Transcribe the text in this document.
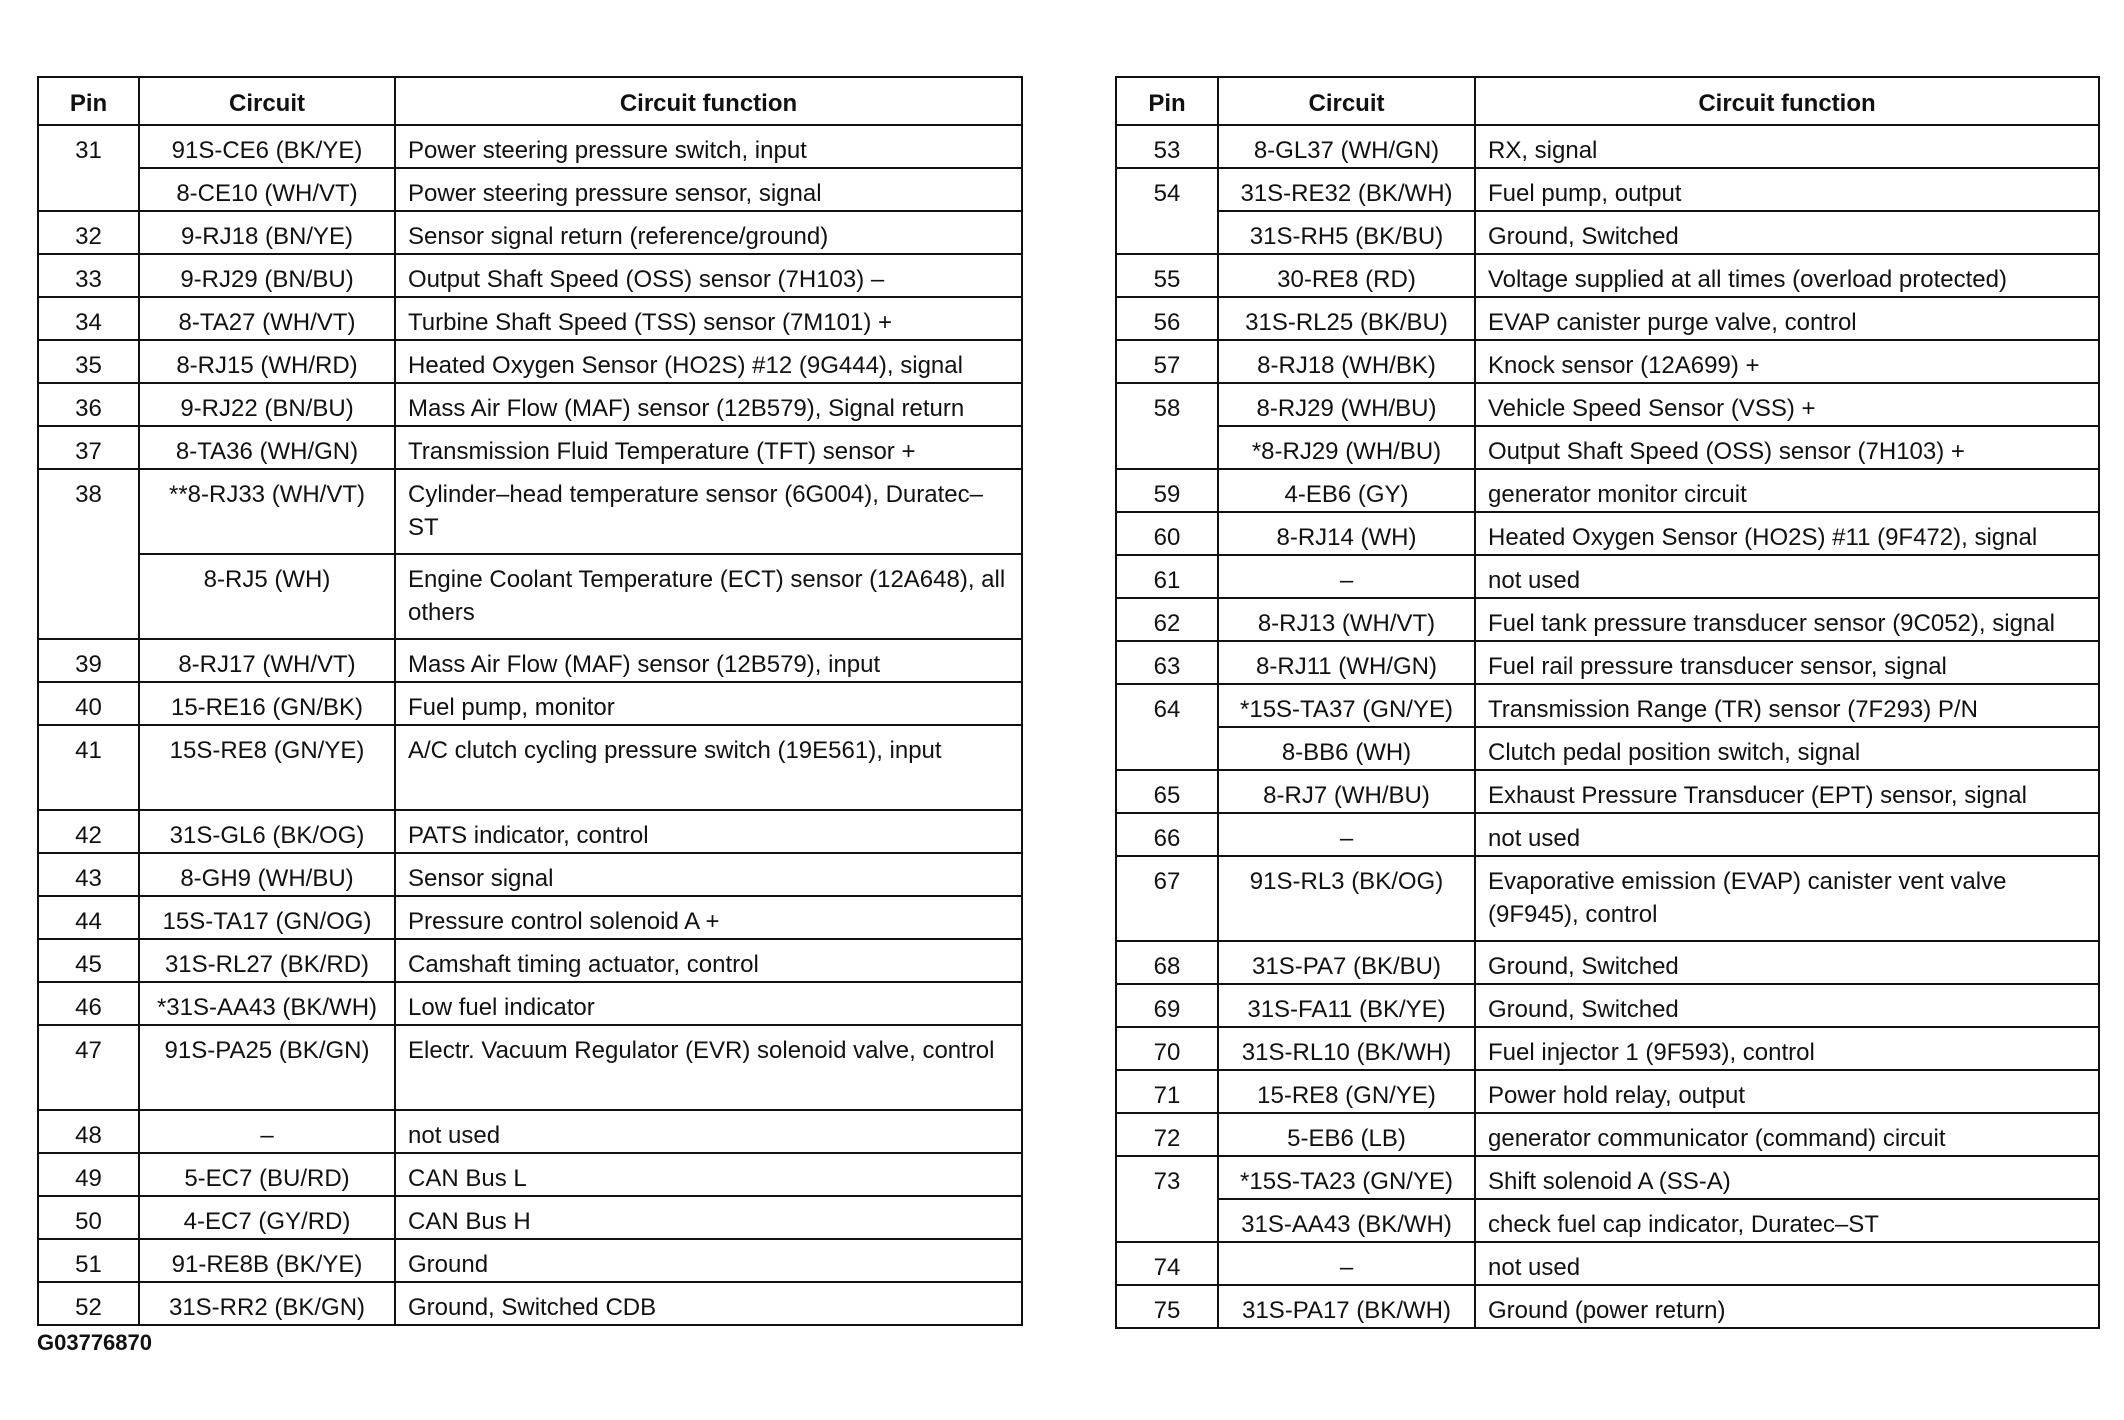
Pin	Circuit	Circuit function
31	91S-CE6 (BK/YE)	Power steering pressure switch, input
	8-CE10 (WH/VT)	Power steering pressure sensor, signal
32	9-RJ18 (BN/YE)	Sensor signal return (reference/ground)
33	9-RJ29 (BN/BU)	Output Shaft Speed (OSS) sensor (7H103) –
34	8-TA27 (WH/VT)	Turbine Shaft Speed (TSS) sensor (7M101) +
35	8-RJ15 (WH/RD)	Heated Oxygen Sensor (HO2S) #12 (9G444), signal
36	9-RJ22 (BN/BU)	Mass Air Flow (MAF) sensor (12B579), Signal return
37	8-TA36 (WH/GN)	Transmission Fluid Temperature (TFT) sensor +
38	**8-RJ33 (WH/VT)	Cylinder–head temperature sensor (6G004), Duratec–ST
	8-RJ5 (WH)	Engine Coolant Temperature (ECT) sensor (12A648), all others
39	8-RJ17 (WH/VT)	Mass Air Flow (MAF) sensor (12B579), input
40	15-RE16 (GN/BK)	Fuel pump, monitor
41	15S-RE8 (GN/YE)	A/C clutch cycling pressure switch (19E561), input
42	31S-GL6 (BK/OG)	PATS indicator, control
43	8-GH9 (WH/BU)	Sensor signal
44	15S-TA17 (GN/OG)	Pressure control solenoid A +
45	31S-RL27 (BK/RD)	Camshaft timing actuator, control
46	*31S-AA43 (BK/WH)	Low fuel indicator
47	91S-PA25 (BK/GN)	Electr. Vacuum Regulator (EVR) solenoid valve, control
48	–	not used
49	5-EC7 (BU/RD)	CAN Bus L
50	4-EC7 (GY/RD)	CAN Bus H
51	91-RE8B (BK/YE)	Ground
52	31S-RR2 (BK/GN)	Ground, Switched CDB
Pin	Circuit	Circuit function
53	8-GL37 (WH/GN)	RX, signal
54	31S-RE32 (BK/WH)	Fuel pump, output
	31S-RH5 (BK/BU)	Ground, Switched
55	30-RE8 (RD)	Voltage supplied at all times (overload protected)
56	31S-RL25 (BK/BU)	EVAP canister purge valve, control
57	8-RJ18 (WH/BK)	Knock sensor (12A699) +
58	8-RJ29 (WH/BU)	Vehicle Speed Sensor (VSS) +
	*8-RJ29 (WH/BU)	Output Shaft Speed (OSS) sensor (7H103) +
59	4-EB6 (GY)	generator monitor circuit
60	8-RJ14 (WH)	Heated Oxygen Sensor (HO2S) #11 (9F472), signal
61	–	not used
62	8-RJ13 (WH/VT)	Fuel tank pressure transducer sensor (9C052), signal
63	8-RJ11 (WH/GN)	Fuel rail pressure transducer sensor, signal
64	*15S-TA37 (GN/YE)	Transmission Range (TR) sensor (7F293) P/N
	8-BB6 (WH)	Clutch pedal position switch, signal
65	8-RJ7 (WH/BU)	Exhaust Pressure Transducer (EPT) sensor, signal
66	–	not used
67	91S-RL3 (BK/OG)	Evaporative emission (EVAP) canister vent valve (9F945), control
68	31S-PA7 (BK/BU)	Ground, Switched
69	31S-FA11 (BK/YE)	Ground, Switched
70	31S-RL10 (BK/WH)	Fuel injector 1 (9F593), control
71	15-RE8 (GN/YE)	Power hold relay, output
72	5-EB6 (LB)	generator communicator (command) circuit
73	*15S-TA23 (GN/YE)	Shift solenoid A (SS-A)
	31S-AA43 (BK/WH)	check fuel cap indicator, Duratec–ST
74	–	not used
75	31S-PA17 (BK/WH)	Ground (power return)
G03776870
